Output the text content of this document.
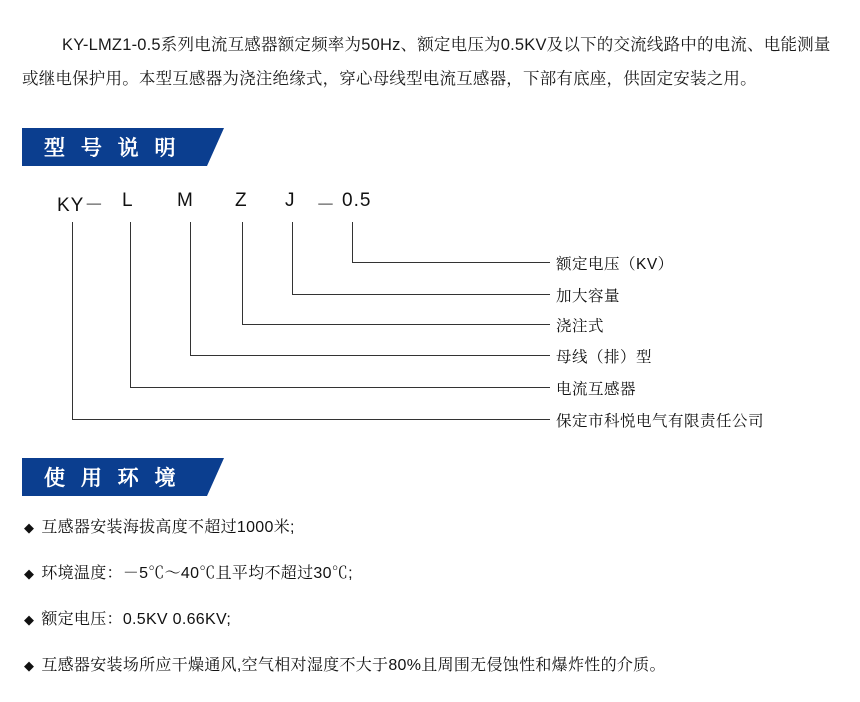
KY-LMZ1-0.5系列电流互感器额定频率为50Hz、额定电压为0.5KV及以下的交流线路中的电流、电能测量或继电保护用。本型互感器为浇注绝缘式，穿心母线型电流互感器，下部有底座，供固定安装之用。
型 号 说 明
KY－ L M Z J － 0.5
额定电压（KV）
加大容量
浇注式
母线（排）型
电流互感器
保定市科悦电气有限责任公司
使 用 环 境
◆ 互感器安装海拔高度不超过1000米;
◆ 环境温度：－5℃～40℃且平均不超过30℃;
◆ 额定电压：0.5KV 0.66KV;
◆ 互感器安装场所应干燥通风,空气相对湿度不大于80%且周围无侵蚀性和爆炸性的介质。
